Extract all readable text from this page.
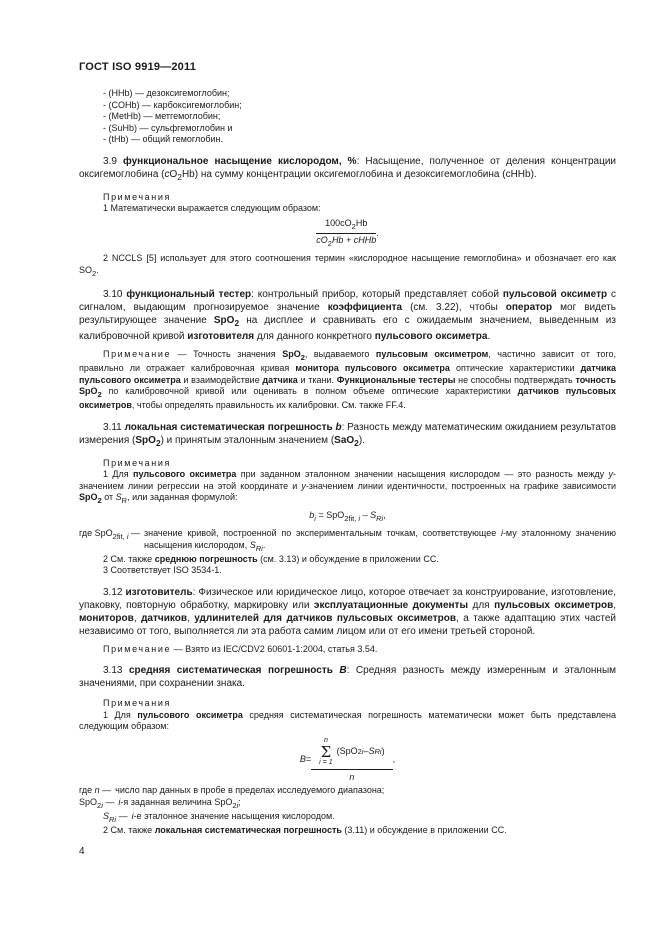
ГОСТ ISO 9919—2011
- (HHb) — дезоксигемоглобин;
- (COHb) — карбоксигемоглобин;
- (MetHb) — метгемоглобин;
- (SuHb) — сульфгемоглобин и
- (tHb) — общий гемоглобин.

3.9 функциональное насыщение кислородом, %: Насыщение, полученное от деления концентрации оксигемоглобина $(cO_2Hb)$ на сумму концентрации оксигемоглобина и дезоксигемоглобина (cHHb).

Примечания

1 Математически выражается следующим образом:

$\frac{100cO_2Hb}{cO_2Hb + cHHb}$ .

2 NCCLS [5] использует для этого соотношения термин «кислородное насыщение гемоглобина» и обозначает его как $SO_2$.

3.10 функциональный тестер: контрольный прибор, который представляет собой пульсовой оксиметр с сигналом, выдающим прогнозируемое значение коэффициента (см. 3.22), чтобы оператор мог видеть результирующее значение SpO$_2$ на дисплее и сравнивать его с ожидаемым значением, выведенным из калибровочной кривой изготовителя для данного конкретного пульсового оксиметра.

Примечание — Точность значения SpO$_2$, выдаваемого пульсовым оксиметром, частично зависит от того, правильно ли отражает калибровочная кривая монитора пульсового оксиметра оптические характеристики датчика пульсового оксиметра и взаимодействие датчика и ткани. Функциональные тестеры не способны подтверждать точность SpO$_2$ по калибровочной кривой или оценивать в полном объеме оптические характеристики датчиков пульсовых оксиметров, чтобы определять правильность их калибровки. См. также FF.4.

3.11 локальная систематическая погрешность b: Разность между математическим ожиданием результатов измерения (SpO$_2$) и принятым эталонным значением (SaO$_2$).

Примечания

1 Для пульсового оксиметра при заданном эталонном значении насыщения кислородом — это разность между y-значением линии регрессии на этой координате и y-значением линии идентичности, построенных на графике зависимости SpO$_2$ от $S_R$, или заданная формулой:

$b_i = SpO_{2fit, i} - S_{Ri}$,
где SpO$_{2fit, i}$ — значение кривой, построенной по экспериментальным точкам, соответствующее i-му эталонному значению насыщения кислородом, $S_{Ri}$.

2 См. также среднюю погрешность (см. 3.13) и обсуждение в приложении CC.

3 Соответствует ISO 3534-1.

3.12 изготовитель: Физическое или юридическое лицо, которое отвечает за конструирование, изготовление, упаковку, повторную обработку, маркировку или эксплуатационные документы для пульсовых оксиметров, мониторов, датчиков, удлинителей для датчиков пульсовых оксиметров, а также адаптацию этих частей независимо от того, выполняется ли эта работа самим лицом или от его имени третьей стороной.

Примечание — Взято из IEC/CDV2 60601-1:2004, статья 3.54.

3.13 средняя систематическая погрешность B: Средняя разность между измеренным и эталонным значениями, при сохранении знака.

Примечания

1 Для пульсового оксиметра средняя систематическая погрешность математически может быть представлена следующим образом:

B =
n
Σ
i = 1
(SpO 2i – S Ri )
n
,
где n — число пар данных в пробе в пределах исследуемого диапазона;
SpO$_{2i}$ — i-я заданная величина SpO$_{2i}$;
$S_{Ri}$ — i-е эталонное значение насыщения кислородом.

2 См. также локальная систематическая погрешность (3.11) и обсуждение в приложении CC.

4
